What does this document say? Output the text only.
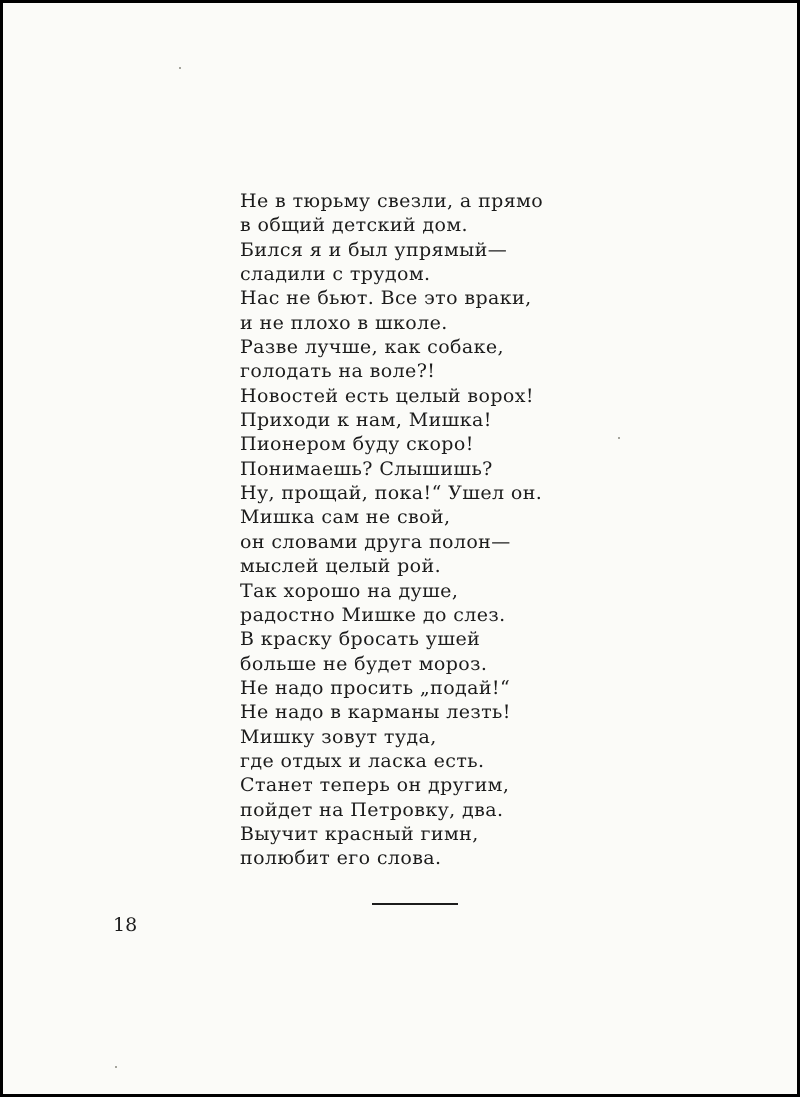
Не в тюрьму свезли, а прямо
в общий детский дом.
Бился я и был упрямый—
сладили с трудом.
Нас не бьют. Все это враки,
и не плохо в школе.
Разве лучше, как собаке,
голодать на воле?!
Новостей есть целый ворох!
Приходи к нам, Мишка!
Пионером буду скоро!
Понимаешь? Слышишь?
Ну, прощай, пока!“ Ушел он.
Мишка сам не свой,
он словами друга полон—
мыслей целый рой.
Так хорошо на душе,
радостно Мишке до слез.
В краску бросать ушей
больше не будет мороз.
Не надо просить „подай!“
Не надо в карманы лезть!
Мишку зовут туда,
где отдых и ласка есть.
Станет теперь он другим,
пойдет на Петровку, два.
Выучит красный гимн,
полюбит его слова.
18
